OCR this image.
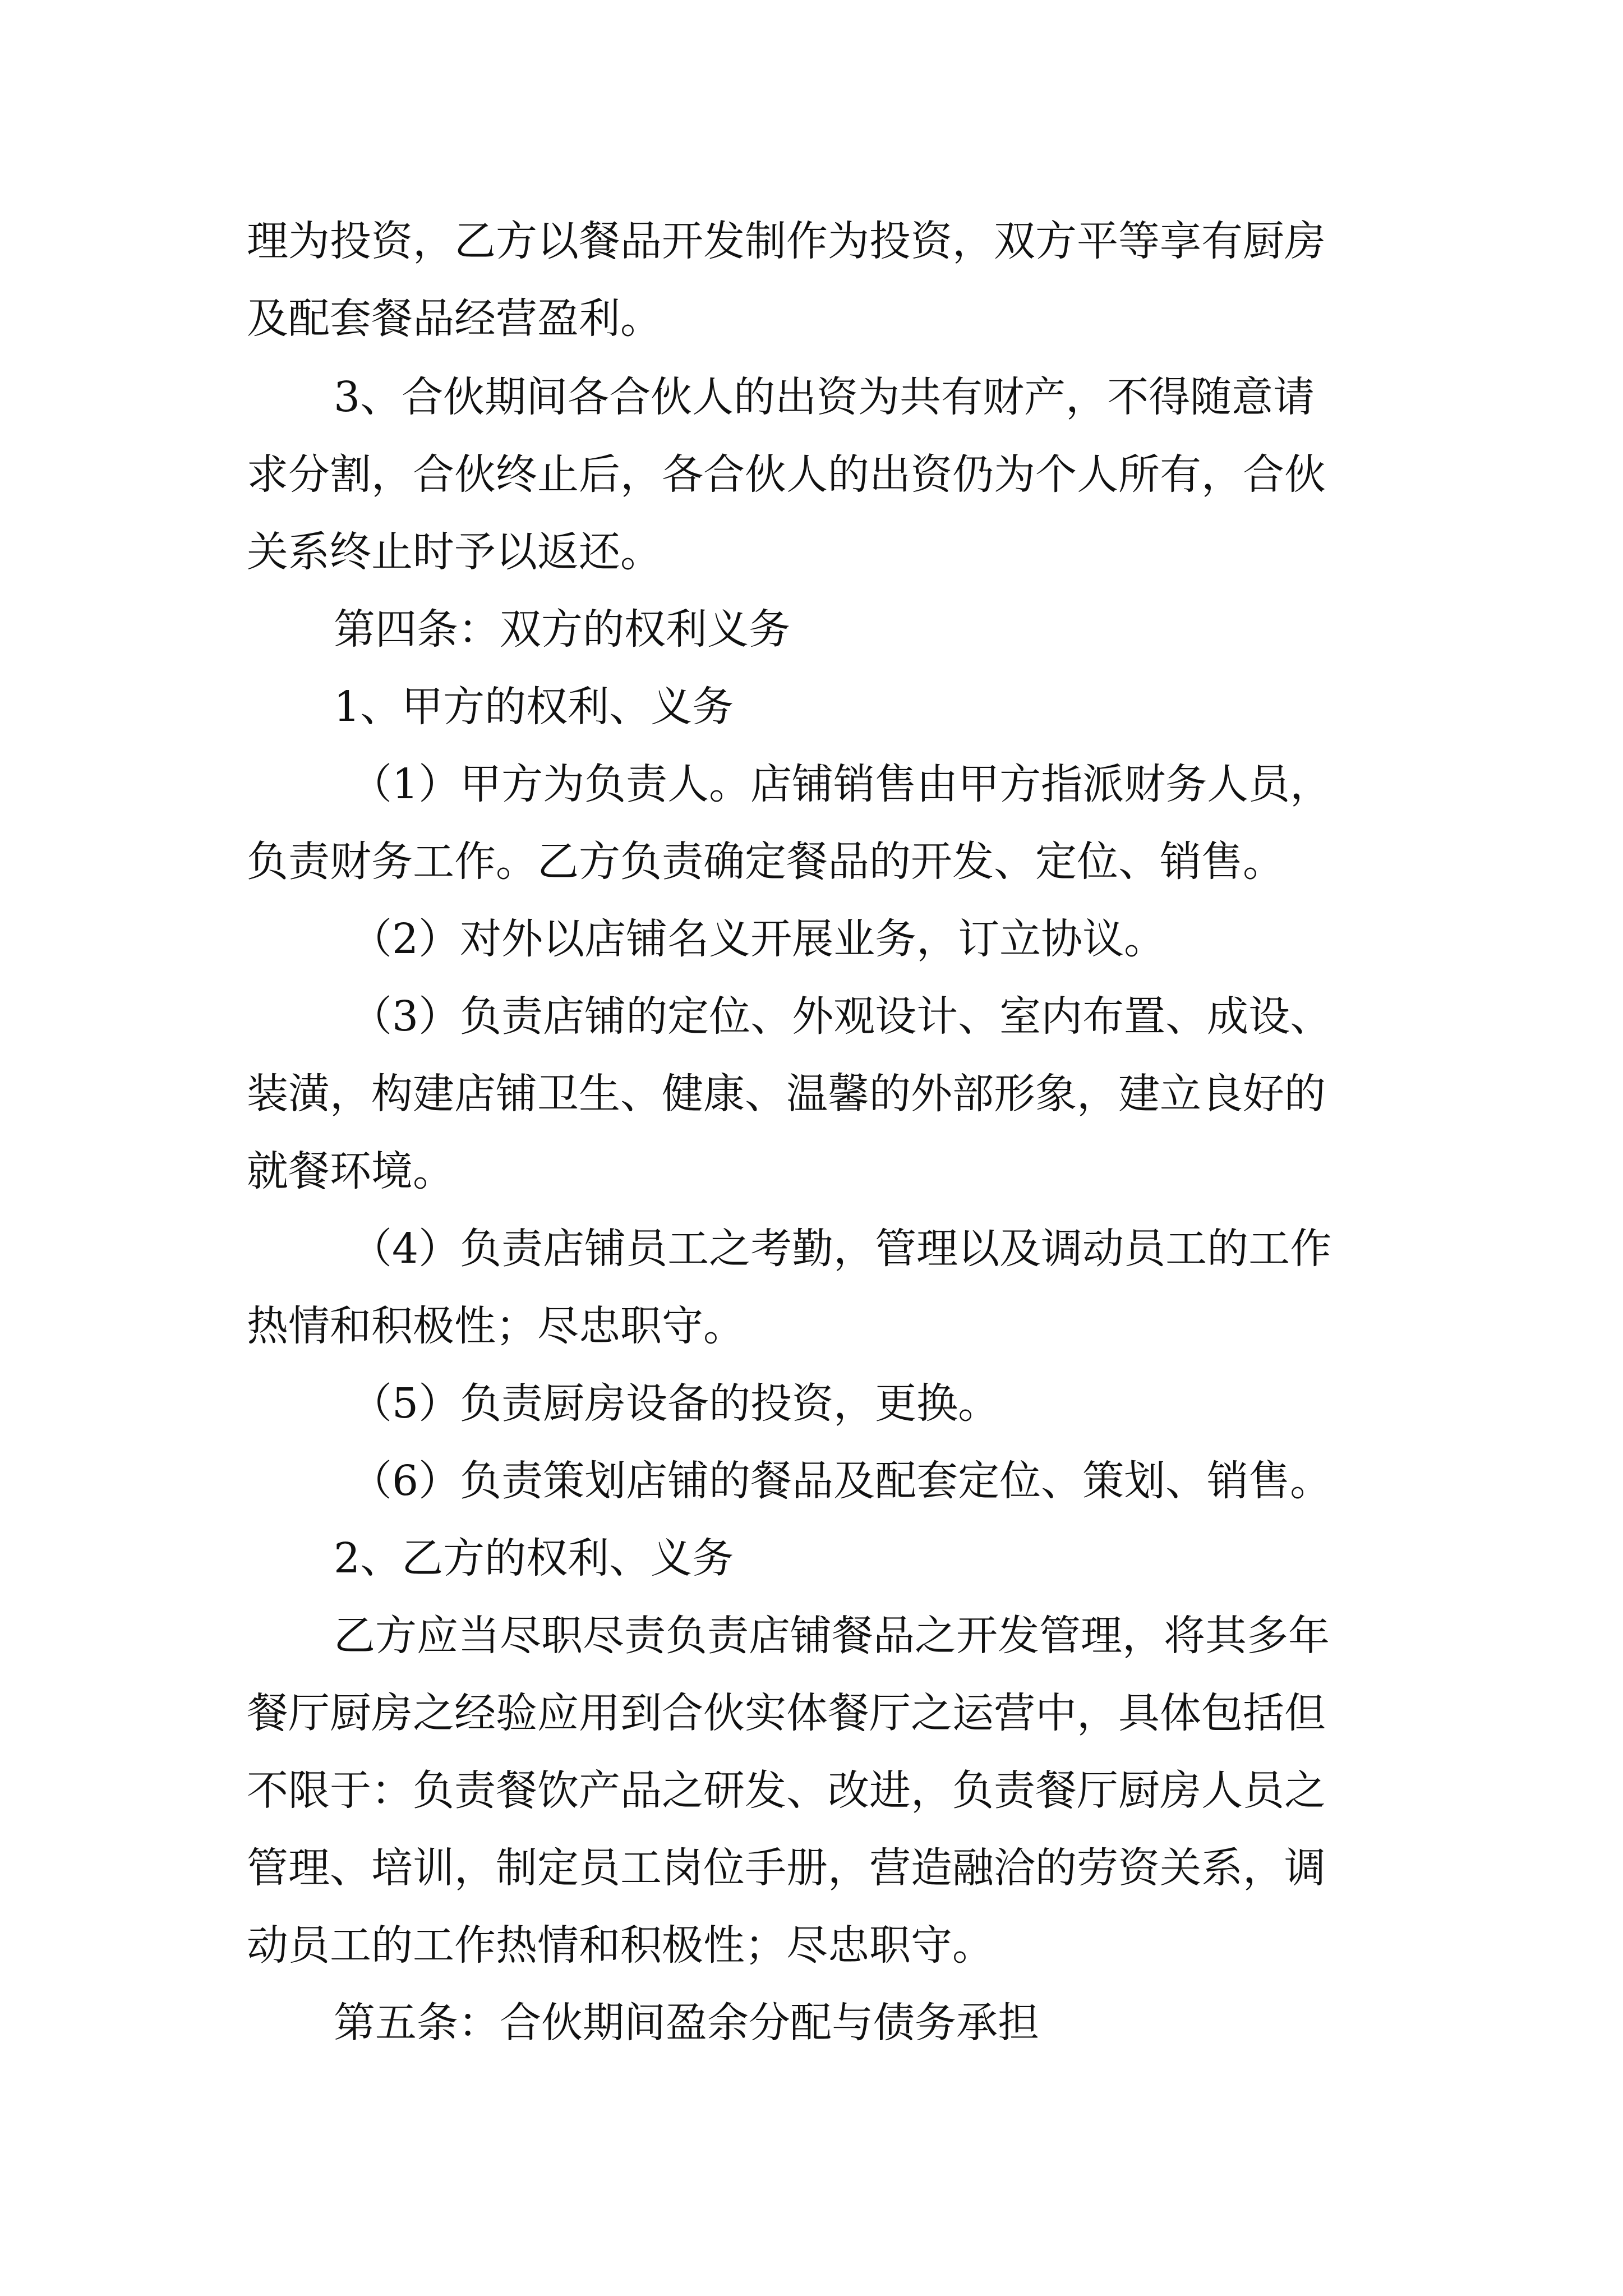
理为投资，乙方以餐品开发制作为投资，双方平等享有厨房
及配套餐品经营盈利。
3、合伙期间各合伙人的出资为共有财产，不得随意请
求分割，合伙终止后，各合伙人的出资仍为个人所有，合伙
关系终止时予以返还。
第四条：双方的权利义务
1、甲方的权利、义务
（1）甲方为负责人。店铺销售由甲方指派财务人员，
负责财务工作。乙方负责确定餐品的开发、定位、销售。
（2）对外以店铺名义开展业务，订立协议。
（3）负责店铺的定位、外观设计、室内布置、成设、
装潢，构建店铺卫生、健康、温馨的外部形象，建立良好的
就餐环境。
（4）负责店铺员工之考勤，管理以及调动员工的工作
热情和积极性；尽忠职守。
（5）负责厨房设备的投资，更换。
（6）负责策划店铺的餐品及配套定位、策划、销售。
2、乙方的权利、义务
乙方应当尽职尽责负责店铺餐品之开发管理，将其多年
餐厅厨房之经验应用到合伙实体餐厅之运营中，具体包括但
不限于：负责餐饮产品之研发、改进，负责餐厅厨房人员之
管理、培训，制定员工岗位手册，营造融洽的劳资关系，调
动员工的工作热情和积极性；尽忠职守。
第五条：合伙期间盈余分配与债务承担
